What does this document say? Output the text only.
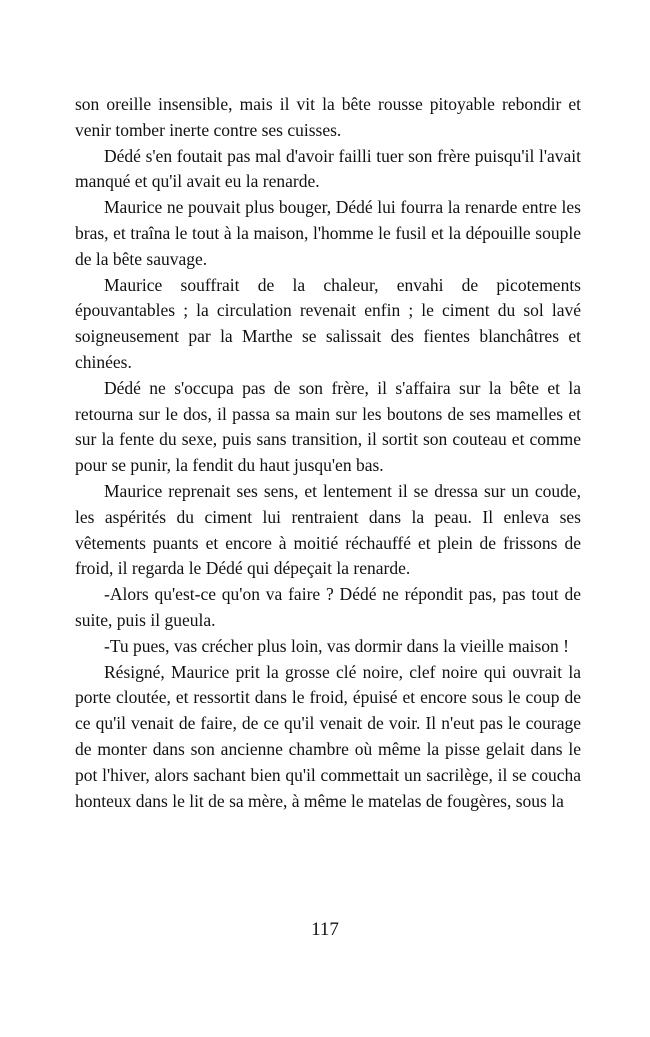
son oreille insensible, mais il vit la bête rousse pitoyable rebondir et venir tomber inerte contre ses cuisses.

Dédé s'en foutait pas mal d'avoir failli tuer son frère puisqu'il l'avait manqué et qu'il avait eu la renarde.

Maurice ne pouvait plus bouger, Dédé lui fourra la renarde entre les bras, et traîna le tout à la maison, l'homme le fusil et la dépouille souple de la bête sauvage.

Maurice souffrait de la chaleur, envahi de picotements épouvantables ; la circulation revenait enfin ; le ciment du sol lavé soigneusement par la Marthe se salissait des fientes blanchâtres et chinées.

Dédé ne s'occupa pas de son frère, il s'affaira sur la bête et la retourna sur le dos, il passa sa main sur les boutons de ses mamelles et sur la fente du sexe, puis sans transition, il sortit son couteau et comme pour se punir, la fendit du haut jusqu'en bas.

Maurice reprenait ses sens, et lentement il se dressa sur un coude, les aspérités du ciment lui rentraient dans la peau. Il enleva ses vêtements puants et encore à moitié réchauffé et plein de frissons de froid, il regarda le Dédé qui dépeçait la renarde.

-Alors qu'est-ce qu'on va faire ? Dédé ne répondit pas, pas tout de suite, puis il gueula.

-Tu pues, vas crécher plus loin, vas dormir dans la vieille maison !

Résigné, Maurice prit la grosse clé noire, clef noire qui ouvrait la porte cloutée, et ressortit dans le froid, épuisé et encore sous le coup de ce qu'il venait de faire, de ce qu'il venait de voir. Il n'eut pas le courage de monter dans son ancienne chambre où même la pisse gelait dans le pot l'hiver, alors sachant bien qu'il commettait un sacrilège, il se coucha honteux dans le lit de sa mère, à même le matelas de fougères, sous la

117
